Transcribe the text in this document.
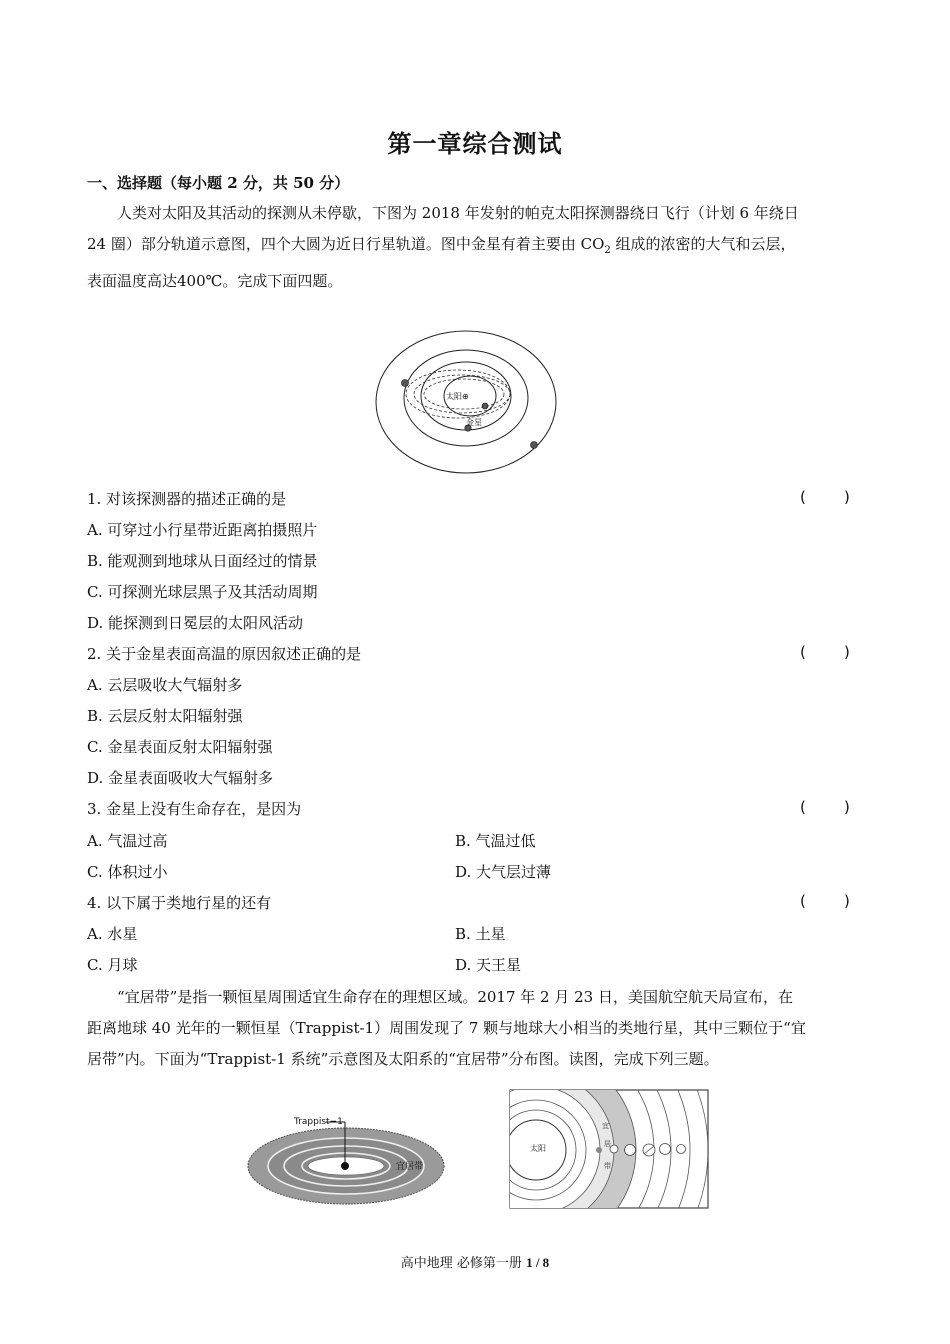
第一章综合测试
一、选择题（每小题 2 分，共 50 分）
人类对太阳及其活动的探测从未停歇，下图为 2018 年发射的帕克太阳探测器绕日飞行（计划 6 年绕日
24 圈）部分轨道示意图，四个大圆为近日行星轨道。图中金星有着主要由 $CO_2$ 组成的浓密的大气和云层，
表面温度高达400℃。完成下面四题。
太阳⊕
金星
1. 对该探测器的描述正确的是	(        )
A. 可穿过小行星带近距离拍摄照片
B. 能观测到地球从日面经过的情景
C. 可探测光球层黑子及其活动周期
D. 能探测到日冕层的太阳风活动
2. 关于金星表面高温的原因叙述正确的是	(        )
A. 云层吸收大气辐射多
B. 云层反射太阳辐射强
C. 金星表面反射太阳辐射强
D. 金星表面吸收大气辐射多
3. 金星上没有生命存在，是因为	(        )
A. 气温过高	B. 气温过低
C. 体积过小	D. 大气层过薄
4. 以下属于类地行星的还有	(        )
A. 水星	B. 土星
C. 月球	D. 天王星
“宜居带”是指一颗恒星周围适宜生命存在的理想区域。2017 年 2 月 23 日，美国航空航天局宣布，在
距离地球 40 光年的一颗恒星（Trappist-1）周围发现了 7 颗与地球大小相当的类地行星，其中三颗位于“宜
居带”内。下面为“Trappist-1 系统”示意图及太阳系的“宜居带”分布图。读图，完成下列三题。
Trappist−1
宜居带
太阳
宜
居
带
高中地理 必修第一册 1 / 8
